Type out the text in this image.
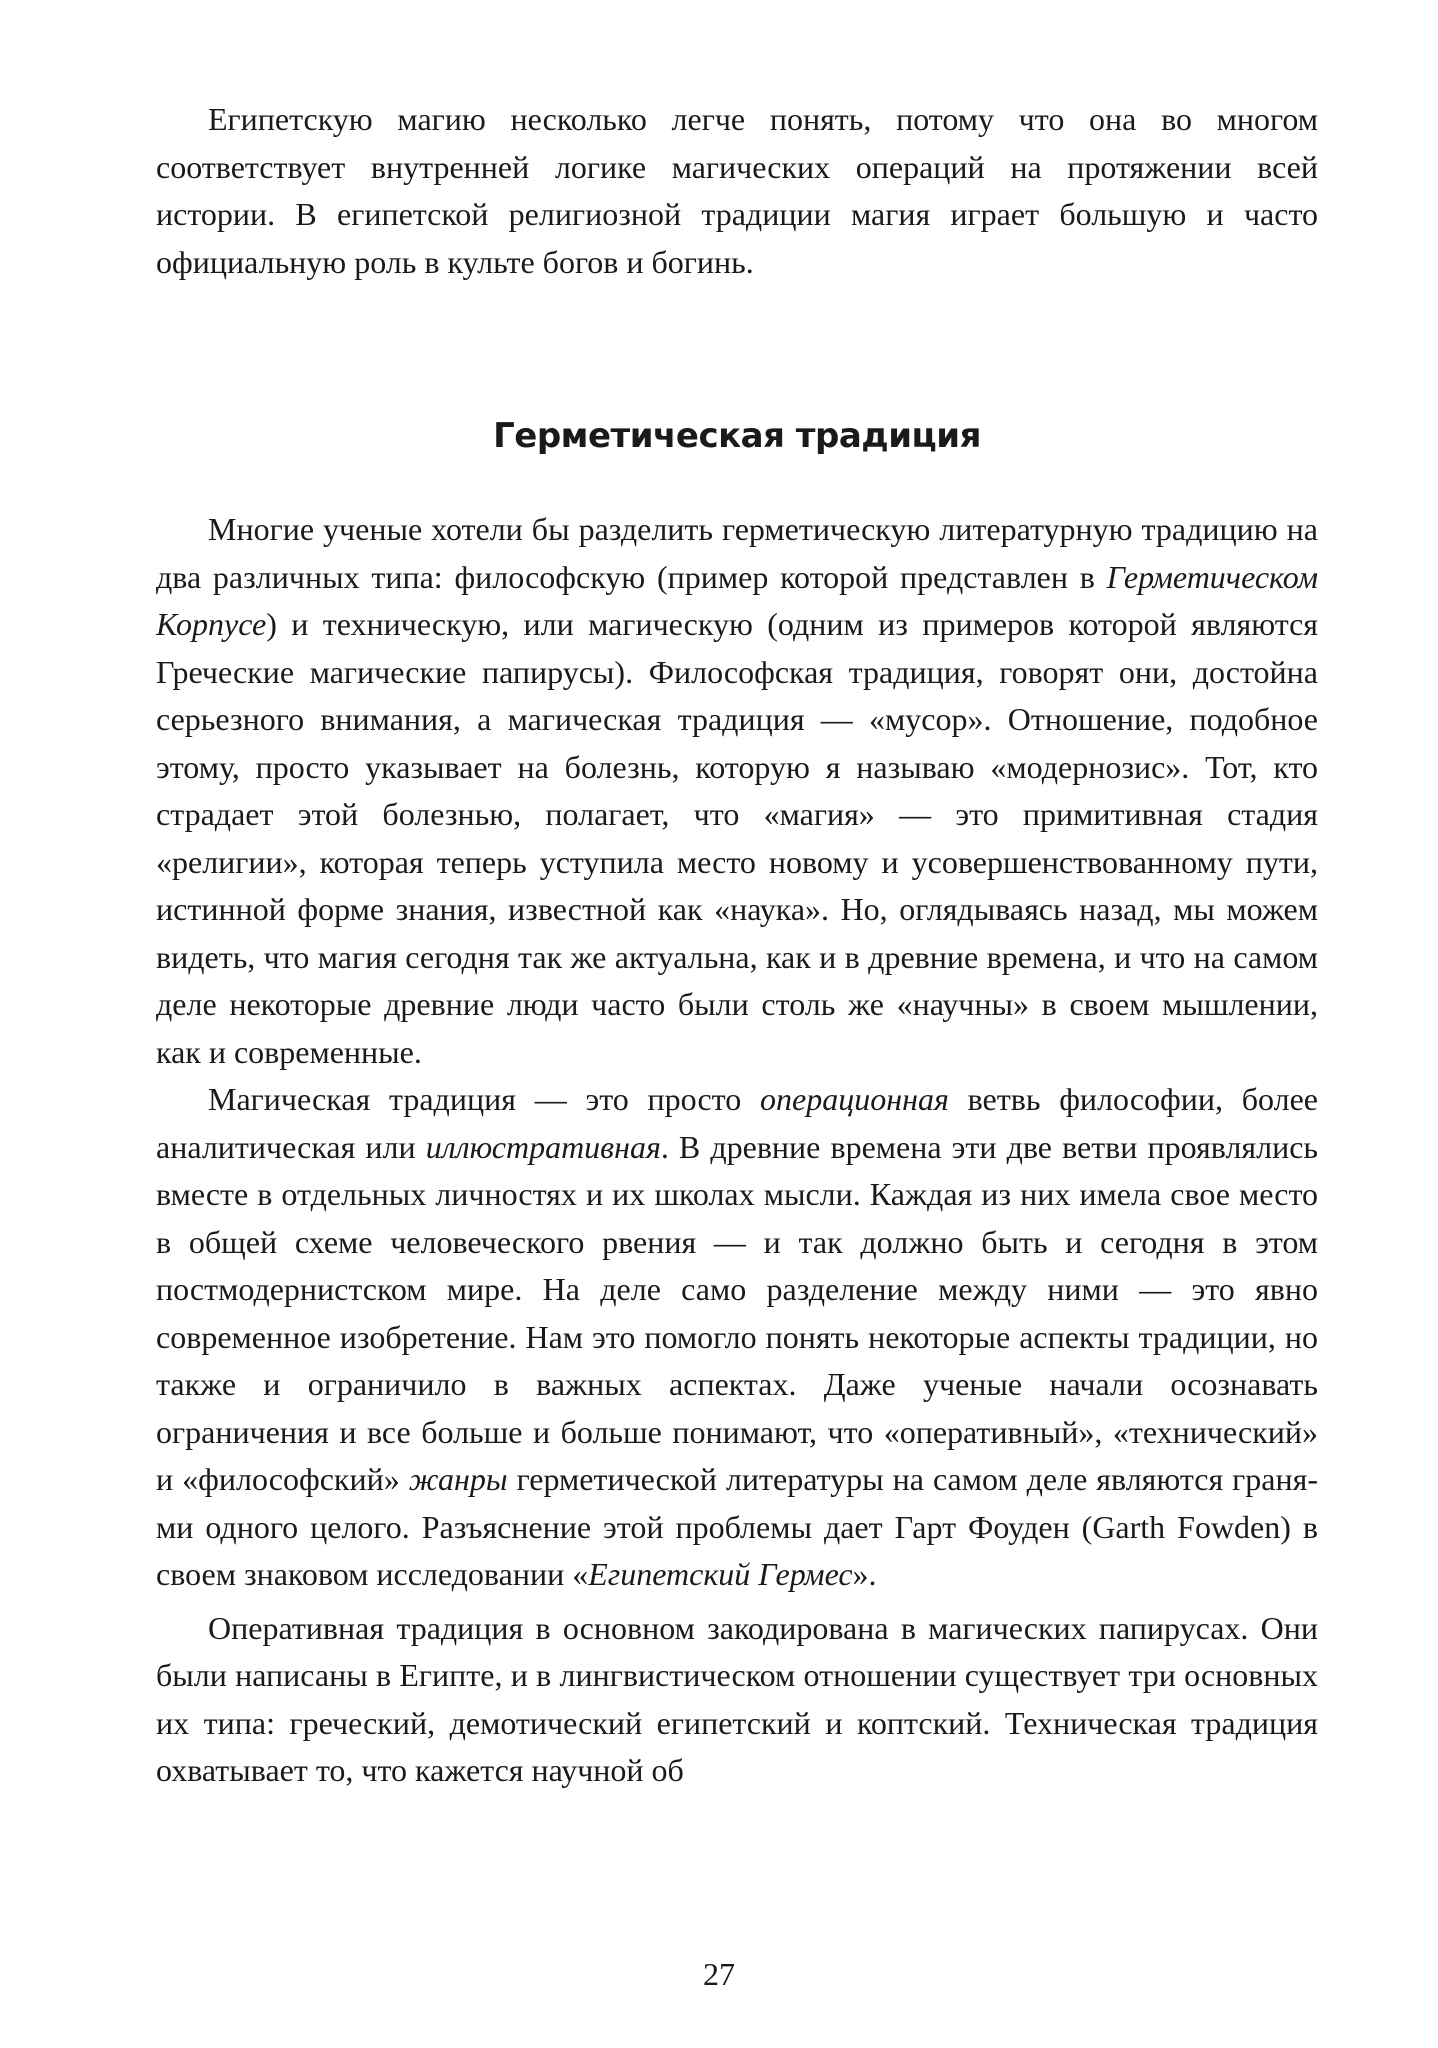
Египетскую магию несколько легче понять, потому что она во многом соответствует внутренней логике магических операций на протяжении всей истории. В египетской религиозной традиции магия играет большую и часто официальную роль в культе богов и богинь.

Герметическая традиция

Многие ученые хотели бы разделить герметическую литературную традицию на два различных типа: философскую (пример которой представлен в Герметическом Корпусе) и техническую, или магическую (одним из примеров которой являются Греческие магические папирусы). Философская традиция, говорят они, достойна серьезного внимания, а магическая традиция — «мусор». Отношение, подобное этому, просто указывает на болезнь, которую я называю «модернозис». Тот, кто страдает этой болезнью, полагает, что «магия» — это примитивная стадия «религии», которая теперь уступила место новому и усовершенствованному пути, истинной форме знания, известной как «наука». Но, оглядываясь назад, мы можем видеть, что магия сегодня так же актуальна, как и в древние времена, и что на самом деле некоторые древние люди часто были столь же «научны» в своем мышлении, как и современные.

Магическая традиция — это просто операционная ветвь философии, более аналитическая или иллюстративная. В древние времена эти две ветви проявлялись вместе в отдельных личностях и их школах мысли. Каждая из них имела свое место в общей схеме человеческого рвения — и так должно быть и сегодня в этом постмодернистском мире. На деле само разделение между ними — это явно современное изобретение. Нам это помогло понять некоторые аспекты традиции, но также и ограничило в важных аспектах. Даже ученые начали осознавать ограничения и все больше и больше понимают, что «оперативный», «технический» и «философский» жанры герметической литературы на самом деле являются гранями одного целого. Разъяснение этой проблемы дает Гарт Фоуден (Garth Fowden) в своем знаковом исследовании «Египетский Гермес».

Оперативная традиция в основном закодирована в магических папирусах. Они были написаны в Египте, и в лингвистическом отношении существует три основных их типа: греческий, демотический египетский и коптский. Техническая традиция охватывает то, что кажется научной об

27
